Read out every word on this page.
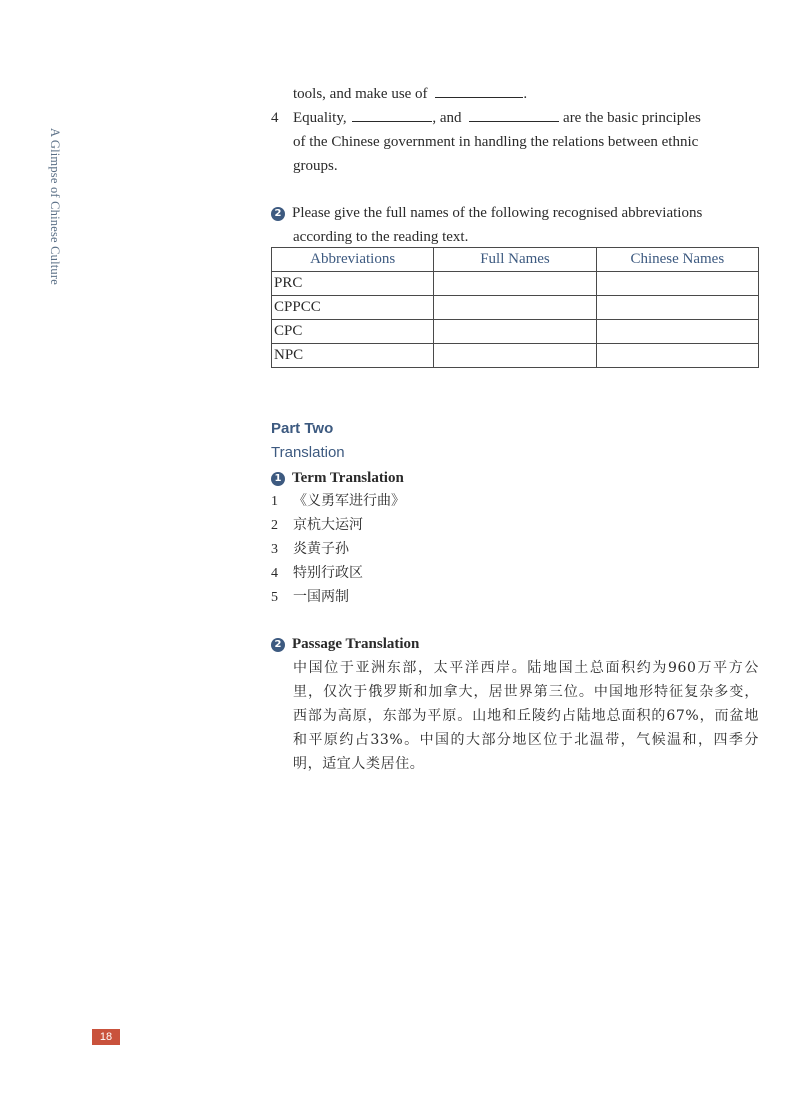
A Glimpse of Chinese Culture
tools, and make use of	.
4 Equality,	, and	are the basic principles
of the Chinese government in handling the relations between ethnic
groups.
2 Please give the full names of the following recognised abbreviations
according to the reading text.
Abbreviations	Full Names	Chinese Names
PRC		
CPPCC		
CPC		
NPC		
Part Two
Translation
1 Term Translation
1 《义勇军进行曲》
2 京杭大运河
3 炎黄子孙
4 特别行政区
5 一国两制
2 Passage Translation
中国位于亚洲东部，太平洋西岸。陆地国土总面积约为960万平方公里，仅次于俄罗斯和加拿大，居世界第三位。中国地形特征复杂多变，西部为高原，东部为平原。山地和丘陵约占陆地总面积的67%，而盆地和平原约占33%。中国的大部分地区位于北温带，气候温和，四季分明，适宜人类居住。
18
